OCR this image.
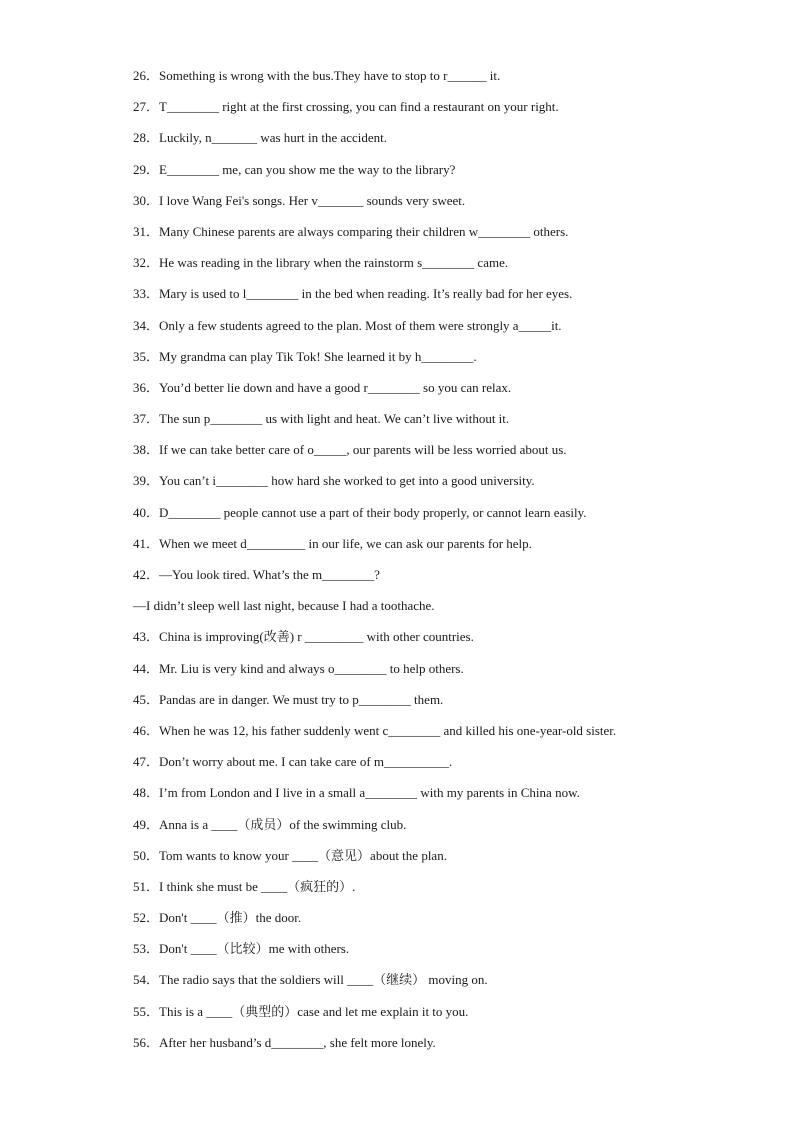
26．Something is wrong with the bus.They have to stop to r______ it.
27．T________ right at the first crossing, you can find a restaurant on your right.
28．Luckily, n_______ was hurt in the accident.
29．E________ me, can you show me the way to the library?
30．I love Wang Fei's songs. Her v_______ sounds very sweet.
31．Many Chinese parents are always comparing their children w________ others.
32．He was reading in the library when the rainstorm s________ came.
33．Mary is used to l________ in the bed when reading. It’s really bad for her eyes.
34．Only a few students agreed to the plan. Most of them were strongly a_____it.
35．My grandma can play Tik Tok! She learned it by h________.
36．You’d better lie down and have a good r________ so you can relax.
37．The sun p________ us with light and heat. We can’t live without it.
38．If we can take better care of o_____, our parents will be less worried about us.
39．You can’t i________ how hard she worked to get into a good university.
40．D________ people cannot use a part of their body properly, or cannot learn easily.
41．When we meet d_________ in our life, we can ask our parents for help.
42．—You look tired. What’s the m________?
—I didn’t sleep well last night, because I had a toothache.
43．China is improving(改善) r _________ with other countries.
44．Mr. Liu is very kind and always o________ to help others.
45．Pandas are in danger. We must try to p________ them.
46．When he was 12, his father suddenly went c________ and killed his one-year-old sister.
47．Don’t worry about me. I can take care of m__________.
48．I’m from London and I live in a small a________ with my parents in China now.
49．Anna is a ____（成员）of the swimming club.
50．Tom wants to know your ____（意见）about the plan.
51．I think she must be ____（疯狂的）.
52．Don't ____（推）the door.
53．Don't ____（比较）me with others.
54．The radio says that the soldiers will ____（继续） moving on.
55．This is a ____（典型的）case and let me explain it to you.
56．After her husband’s d________, she felt more lonely.
